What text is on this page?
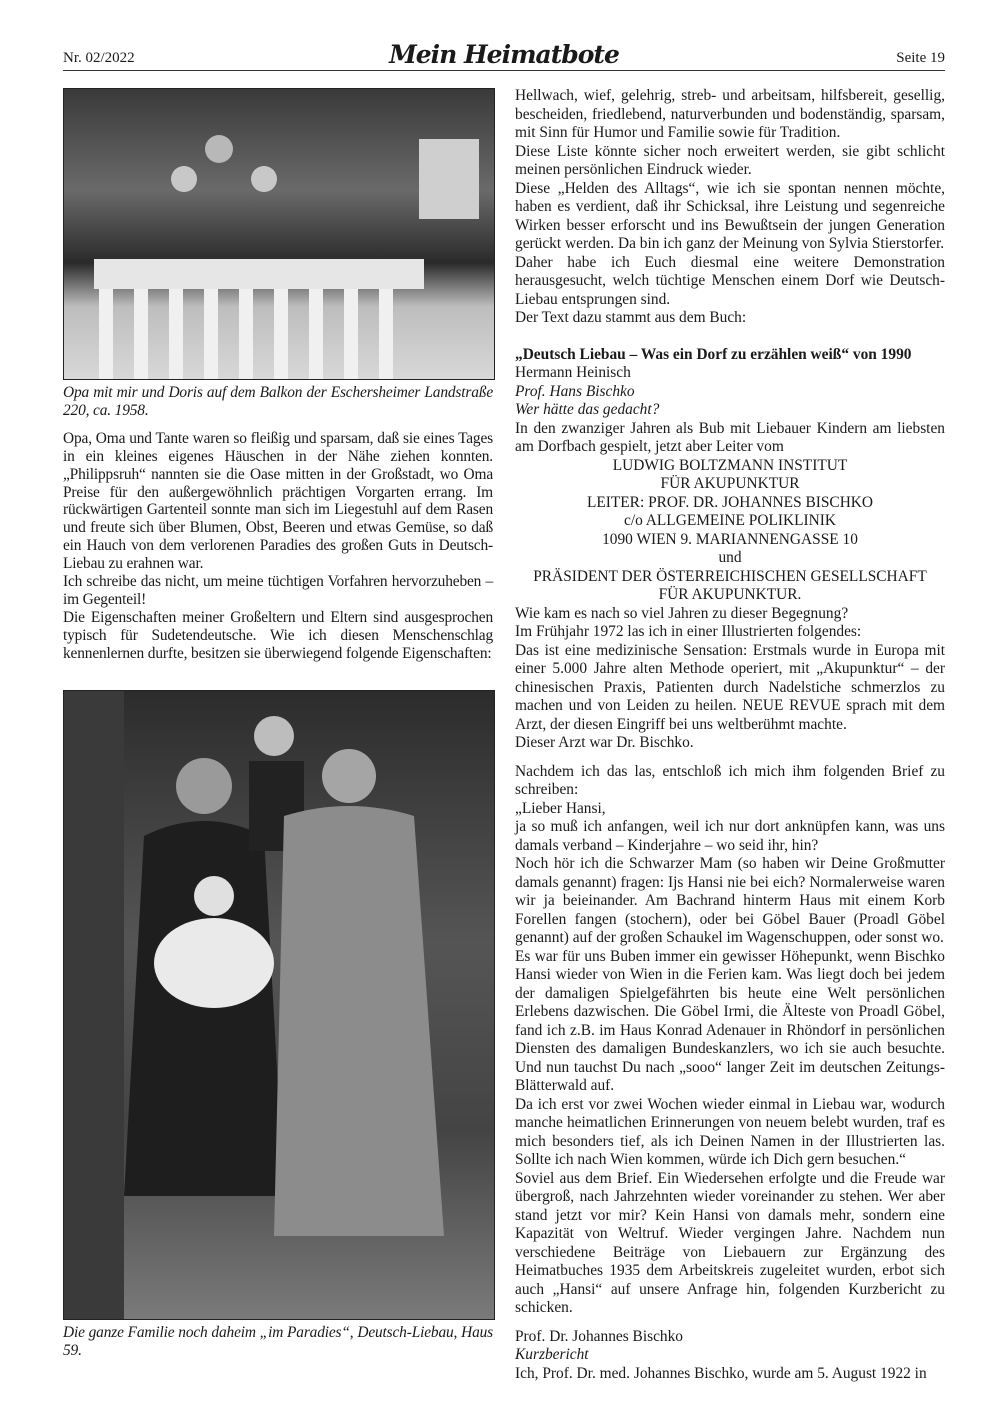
Nr. 02/2022	Mein Heimatbote	Seite 19

Opa mit mir und Doris auf dem Balkon der Eschersheimer Landstraße 220, ca. 1958.

Opa, Oma und Tante waren so fleißig und sparsam, daß sie eines Tages in ein kleines eigenes Häuschen in der Nähe ziehen konnten. „Philippsruh“ nannten sie die Oase mitten in der Großstadt, wo Oma Preise für den außergewöhnlich prächtigen Vorgarten errang. Im rückwärtigen Gartenteil sonnte man sich im Liegestuhl auf dem Rasen und freute sich über Blumen, Obst, Beeren und etwas Gemüse, so daß ein Hauch von dem verlorenen Paradies des großen Guts in Deutsch-Liebau zu erahnen war.

Ich schreibe das nicht, um meine tüchtigen Vorfahren hervorzuheben – im Gegenteil!

Die Eigenschaften meiner Großeltern und Eltern sind ausgesprochen typisch für Sudetendeutsche. Wie ich diesen Menschenschlag kennenlernen durfte, besitzen sie überwiegend folgende Eigenschaften:

Die ganze Familie noch daheim „im Paradies“, Deutsch-Liebau, Haus 59.

Hellwach, wief, gelehrig, streb- und arbeitsam, hilfsbereit, gesellig, bescheiden, friedlebend, naturverbunden und bodenständig, sparsam, mit Sinn für Humor und Familie sowie für Tradition.

Diese Liste könnte sicher noch erweitert werden, sie gibt schlicht meinen persönlichen Eindruck wieder.

Diese „Helden des Alltags“, wie ich sie spontan nennen möchte, haben es verdient, daß ihr Schicksal, ihre Leistung und segenreiche Wirken besser erforscht und ins Bewußtsein der jungen Generation gerückt werden. Da bin ich ganz der Meinung von Sylvia Stierstorfer.

Daher habe ich Euch diesmal eine weitere Demonstration herausgesucht, welch tüchtige Menschen einem Dorf wie Deutsch-Liebau entsprungen sind.

Der Text dazu stammt aus dem Buch:

„Deutsch Liebau – Was ein Dorf zu erzählen weiß“ von 1990

Hermann Heinisch

Prof. Hans Bischko

Wer hätte das gedacht?

In den zwanziger Jahren als Bub mit Liebauer Kindern am liebsten am Dorfbach gespielt, jetzt aber Leiter vom

LUDWIG BOLTZMANN INSTITUT

FÜR AKUPUNKTUR

LEITER: PROF. DR. JOHANNES BISCHKO

c/o ALLGEMEINE POLIKLINIK

1090 WIEN 9. MARIANNENGASSE 10

und

PRÄSIDENT DER ÖSTERREICHISCHEN GESELLSCHAFT

FÜR AKUPUNKTUR.

Wie kam es nach so viel Jahren zu dieser Begegnung?

Im Frühjahr 1972 las ich in einer Illustrierten folgendes:

Das ist eine medizinische Sensation: Erstmals wurde in Europa mit einer 5.000 Jahre alten Methode operiert, mit „Akupunktur“ – der chinesischen Praxis, Patienten durch Nadelstiche schmerzlos zu machen und von Leiden zu heilen. NEUE REVUE sprach mit dem Arzt, der diesen Eingriff bei uns weltberühmt machte.

Dieser Arzt war Dr. Bischko.

Nachdem ich das las, entschloß ich mich ihm folgenden Brief zu schreiben:

„Lieber Hansi,

ja so muß ich anfangen, weil ich nur dort anknüpfen kann, was uns damals verband – Kinderjahre – wo seid ihr, hin?

Noch hör ich die Schwarzer Mam (so haben wir Deine Großmutter damals genannt) fragen: Ijs Hansi nie bei eich? Normalerweise waren wir ja beieinander. Am Bachrand hinterm Haus mit einem Korb Forellen fangen (stochern), oder bei Göbel Bauer (Proadl Göbel genannt) auf der großen Schaukel im Wagenschuppen, oder sonst wo.

Es war für uns Buben immer ein gewisser Höhepunkt, wenn Bischko Hansi wieder von Wien in die Ferien kam. Was liegt doch bei jedem der damaligen Spielgefährten bis heute eine Welt persönlichen Erlebens dazwischen. Die Göbel Irmi, die Älteste von Proadl Göbel, fand ich z.B. im Haus Konrad Adenauer in Rhöndorf in persönlichen Diensten des damaligen Bundeskanzlers, wo ich sie auch besuchte. Und nun tauchst Du nach „sooo“ langer Zeit im deutschen Zeitungs-Blätterwald auf.

Da ich erst vor zwei Wochen wieder einmal in Liebau war, wodurch manche heimatlichen Erinnerungen von neuem belebt wurden, traf es mich besonders tief, als ich Deinen Namen in der Illustrierten las. Sollte ich nach Wien kommen, würde ich Dich gern besuchen.“

Soviel aus dem Brief. Ein Wiedersehen erfolgte und die Freude war übergroß, nach Jahrzehnten wieder voreinander zu stehen. Wer aber stand jetzt vor mir? Kein Hansi von damals mehr, sondern eine Kapazität von Weltruf. Wieder vergingen Jahre. Nachdem nun verschiedene Beiträge von Liebauern zur Ergänzung des Heimatbuches 1935 dem Arbeitskreis zugeleitet wurden, erbot sich auch „Hansi“ auf unsere Anfrage hin, folgenden Kurzbericht zu schicken.

Prof. Dr. Johannes Bischko

Kurzbericht

Ich, Prof. Dr. med. Johannes Bischko, wurde am 5. August 1922 in
